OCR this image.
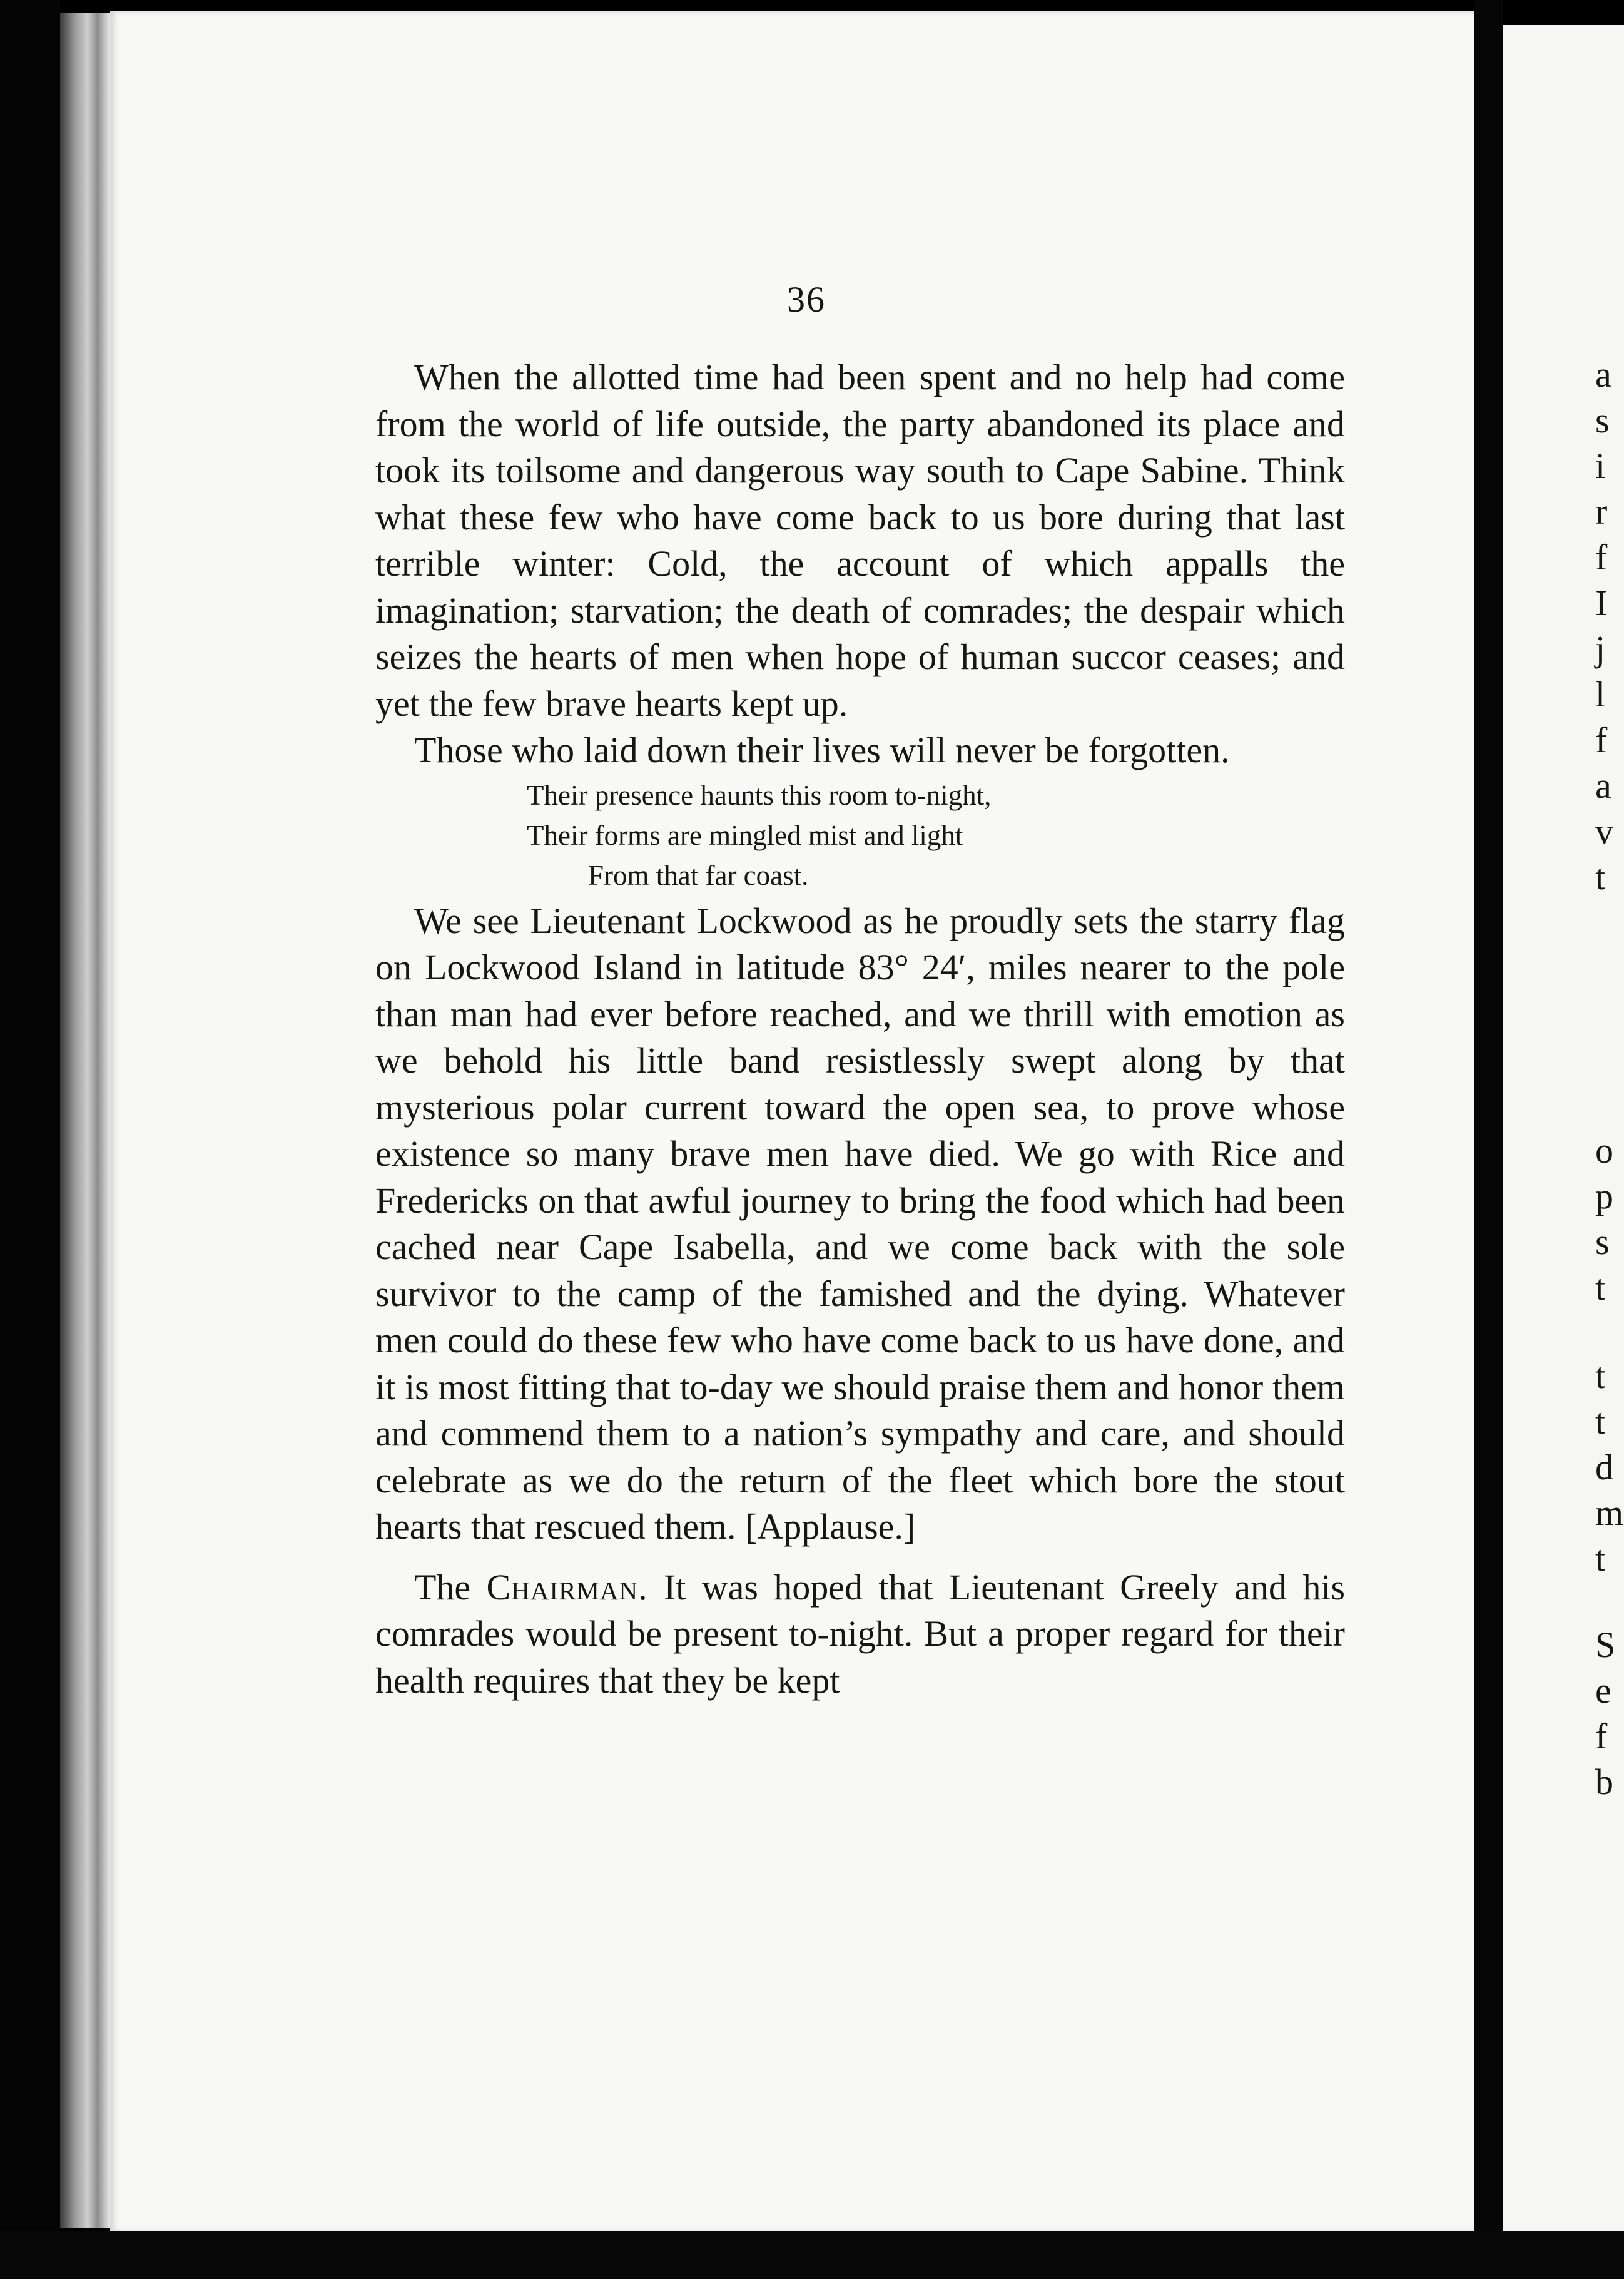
36

When the allotted time had been spent and no help had come from the world of life outside, the party abandoned its place and took its toilsome and dangerous way south to Cape Sabine. Think what these few who have come back to us bore during that last terrible winter: Cold, the account of which appalls the imagination; starvation; the death of comrades; the despair which seizes the hearts of men when hope of human succor ceases; and yet the few brave hearts kept up.

Those who laid down their lives will never be forgotten.

Their presence haunts this room to-night,
Their forms are mingled mist and light
From that far coast.

We see Lieutenant Lockwood as he proudly sets the starry flag on Lockwood Island in latitude 83° 24′, miles nearer to the pole than man had ever before reached, and we thrill with emotion as we behold his little band resistlessly swept along by that mysterious polar current toward the open sea, to prove whose existence so many brave men have died. We go with Rice and Fredericks on that awful journey to bring the food which had been cached near Cape Isabella, and we come back with the sole survivor to the camp of the famished and the dying. Whatever men could do these few who have come back to us have done, and it is most fitting that to-day we should praise them and honor them and commend them to a nation’s sympathy and care, and should celebrate as we do the return of the fleet which bore the stout hearts that rescued them. [Applause.]

The Chairman. It was hoped that Lieutenant Greely and his comrades would be present to-night. But a proper regard for their health requires that they be kept

a
s
i
r
f
I
j
l
f
a
v
t
o
p
s
t
t
t
d
m
t
S
e
f
b
